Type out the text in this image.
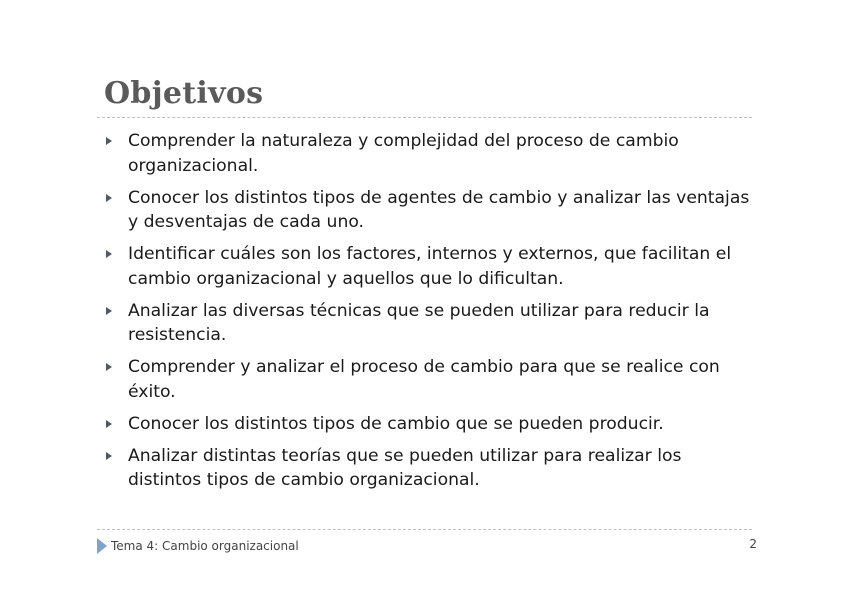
Objetivos
Comprender la naturaleza y complejidad del proceso de cambio organizacional.
Conocer los distintos tipos de agentes de cambio y analizar las ventajas y desventajas de cada uno.
Identificar cuáles son los factores, internos y externos, que facilitan el cambio organizacional y aquellos que lo dificultan.
Analizar las diversas técnicas que se pueden utilizar para reducir la resistencia.
Comprender y analizar el proceso de cambio para que se realice con éxito.
Conocer los distintos tipos de cambio que se pueden producir.
Analizar distintas teorías que se pueden utilizar para realizar los distintos tipos de cambio organizacional.
Tema 4: Cambio organizacional	2
